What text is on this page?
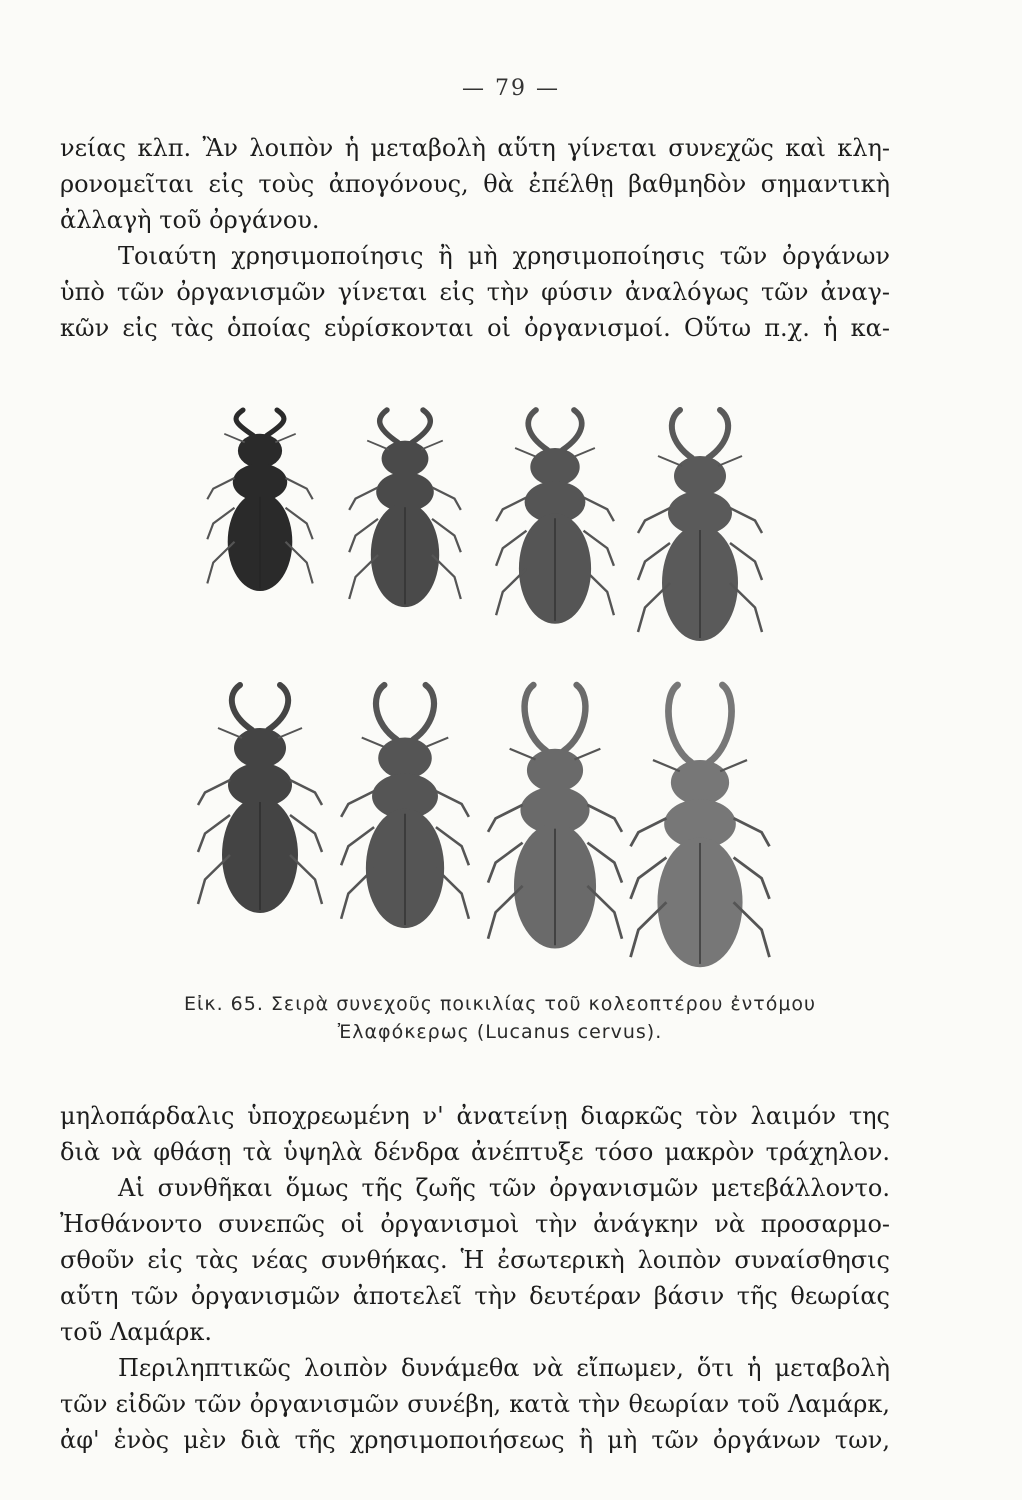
— 79 —
νείας κλπ. Ἂν λοιπὸν ἡ μεταβολὴ αὕτη γίνεται συνεχῶς καὶ κλη-
ρονομεῖται εἰς τοὺς ἀπογόνους, θὰ ἐπέλθῃ βαθμηδὸν σημαντικὴ
ἀλλαγὴ τοῦ ὀργάνου.
Τοιαύτη χρησιμοποίησις ἢ μὴ χρησιμοποίησις τῶν ὀργάνων
ὑπὸ τῶν ὀργανισμῶν γίνεται εἰς τὴν φύσιν ἀναλόγως τῶν ἀναγ-
κῶν εἰς τὰς ὁποίας εὑρίσκονται οἱ ὀργανισμοί. Οὕτω π.χ. ἡ κα-
Εἰκ. 65. Σειρὰ συνεχοῦς ποικιλίας τοῦ κολεοπτέρου ἐντόμου
Ἐλαφόκερως (Lucanus cervus).
μηλοπάρδαλις ὑποχρεωμένη ν' ἀνατείνῃ διαρκῶς τὸν λαιμόν της
διὰ νὰ φθάσῃ τὰ ὑψηλὰ δένδρα ἀνέπτυξε τόσο μακρὸν τράχηλον.
Αἱ συνθῆκαι ὅμως τῆς ζωῆς τῶν ὀργανισμῶν μετεβάλλοντο.
Ἠσθάνοντο συνεπῶς οἱ ὀργανισμοὶ τὴν ἀνάγκην νὰ προσαρμο-
σθοῦν εἰς τὰς νέας συνθήκας. Ἡ ἐσωτερικὴ λοιπὸν συναίσθησις
αὕτη τῶν ὀργανισμῶν ἀποτελεῖ τὴν δευτέραν βάσιν τῆς θεωρίας
τοῦ Λαμάρκ.
Περιληπτικῶς λοιπὸν δυνάμεθα νὰ εἴπωμεν, ὅτι ἡ μεταβολὴ
τῶν εἰδῶν τῶν ὀργανισμῶν συνέβη, κατὰ τὴν θεωρίαν τοῦ Λαμάρκ,
ἀφ' ἑνὸς μὲν διὰ τῆς χρησιμοποιήσεως ἢ μὴ τῶν ὀργάνων των,
